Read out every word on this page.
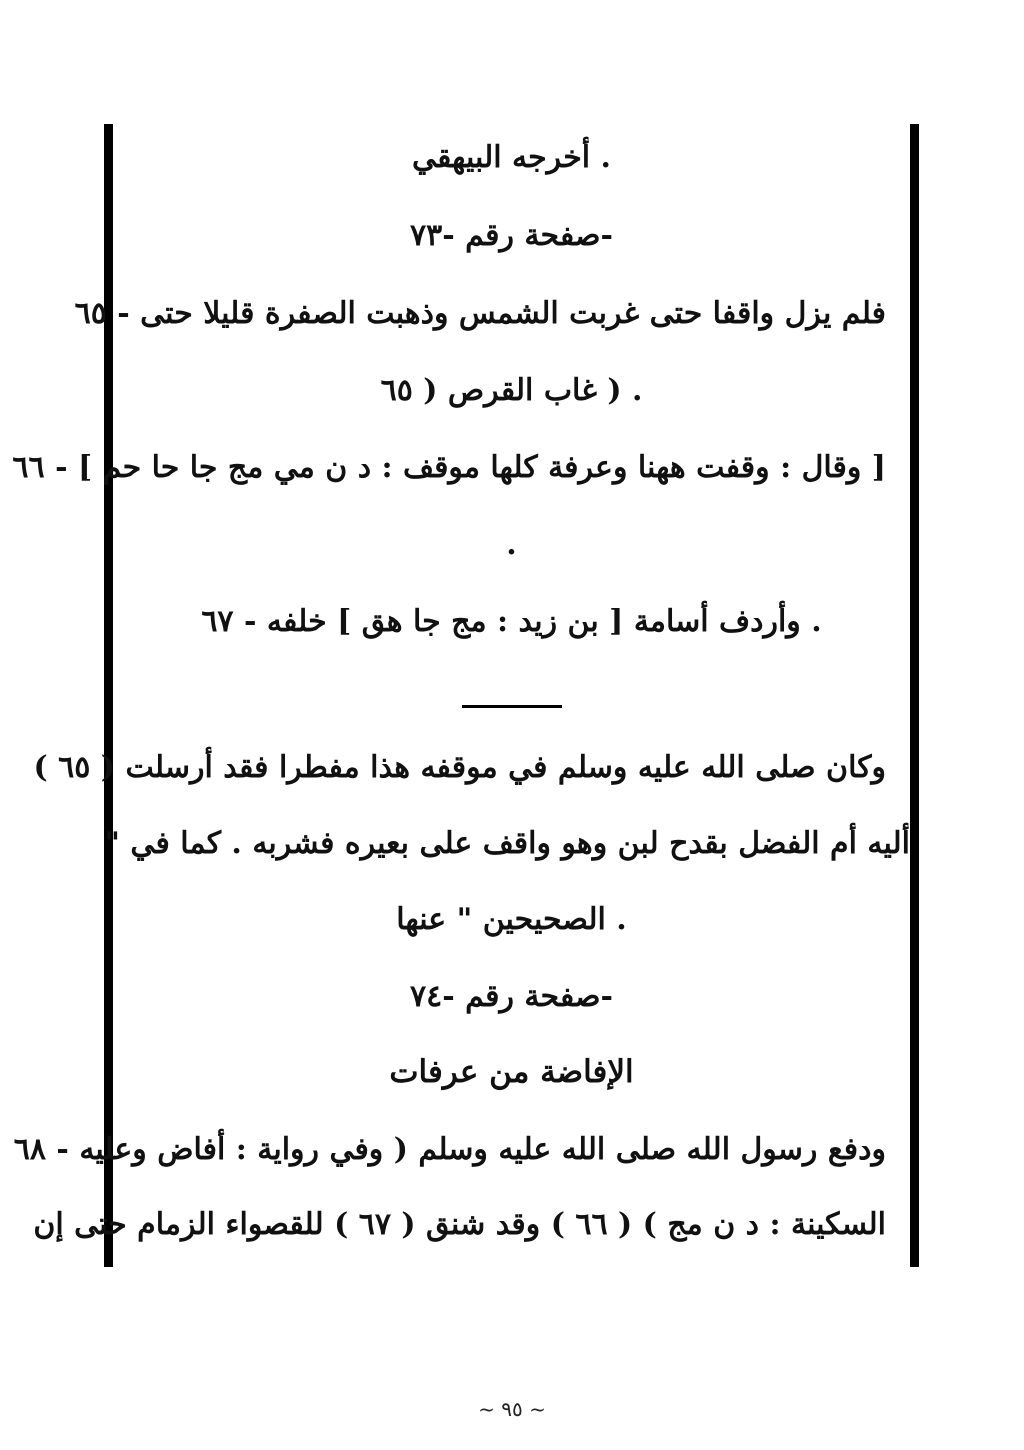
. أخرجه البيهقي
-صفحة رقم -٧٣
فلم يزل واقفا حتى غربت الشمس وذهبت الصفرة قليلا حتى - ٦٥
. ( غاب القرص ( ٦٥
[ وقال : وقفت ههنا وعرفة كلها موقف : د ن مي مج جا حا حم ] - ٦٦
.
. وأردف أسامة [ بن زيد : مج جا هق ] خلفه - ٦٧
وكان صلى الله عليه وسلم في موقفه هذا مفطرا فقد أرسلت ( ٦٥ )
أليه أم الفضل بقدح لبن وهو واقف على بعيره فشربه . كما في "
. الصحيحين " عنها
-صفحة رقم -٧٤
الإفاضة من عرفات
ودفع رسول الله صلى الله عليه وسلم ( وفي رواية : أفاض وعليه - ٦٨
السكينة : د ن مج ) ( ٦٦ ) وقد شنق ( ٦٧ ) للقصواء الزمام حتى إن
~ ٩٥ ~
